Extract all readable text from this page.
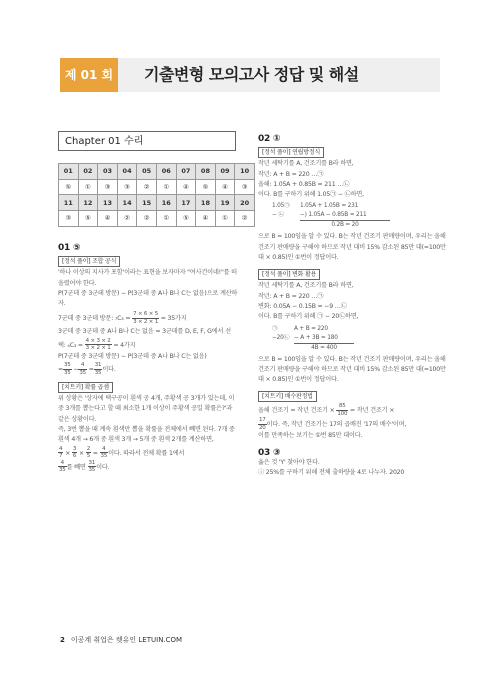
제 01 회	기출변형 모의고사 정답 및 해설
Chapter 01 수리
01	02	03	04	05	06	07	08	09	10
⑤	①	③	③	②	①	④	⑤	④	③
11	12	13	14	15	16	17	18	19	20
③	⑤	④	②	②	①	⑤	④	①	②
01 ⑤
[정석 풀이] 조합 공식
'하나 이상의 지사가 포함'이라는 표현을 보자마자 "여사건이네!"를 떠올렸어야 한다.
P(7군데 중 3군데 방문) − P(3군데 중 A나 B나 C는 없음)으로 계산하자.
7군데 중 3군데 방문: $_7C_3 = \frac{7 \times 6 \times 5}{3 \times 2 \times 1} = 35$가지
3군데 중 3군데 중 A나 B나 C는 없음 = 3군데를 D, E, F, G에서 선
택: $_4C_3 = \frac{4 \times 3 \times 2}{3 \times 2 \times 1} = 4$가지
P(7군데 중 3군데 방문) − P(3군데 중 A나 B나 C는 없음)
= $\frac{35}{35} - \frac{4}{35} = \frac{31}{35}$ 이다.
[치트키] 확률 곱셈
위 상황은 '상자에 택구공이 흰색 공 4개, 주황색 공 3개가 있는데, 이 중 3개를 뽑는다고 할 때 최소한 1개 이상이 주황색 공일 확률은?'과 같은 상황이다.
즉, 3번 뽑을 때 계속 흰색만 뽑을 확률을 전체에서 빼면 된다. 7개 중 흰색 4개 → 6개 중 흰색 3개 → 5개 중 흰색 2개를 계산하면,
$\frac{4}{7} \times \frac{3}{6} \times \frac{2}{5} = \frac{4}{35}$ 이다. 따라서 전체 확률 1에서
$\frac{4}{35}$ 를 빼면 $\frac{31}{35}$ 이다.
02 ①
[정석 풀이] 연립방정식
작년 세탁기를 A, 건조기를 B라 하면,
작년: A + B = 220 …㉠
올해: 1.05A + 0.85B = 211 …㉡
이다. B를 구하기 위해 1.05㉠ − ㉡하면,
1.05㉠ 1.05A + 1.05B = 231
− ㉡	−) 1.05A − 0.85B = 211
0.2B = 20
으로 B = 100임을 알 수 있다. B는 작년 건조기 판매량이며, 우리는 올해 건조기 판매량을 구해야 하므로 작년 대비 15% 감소된 85만 대(=100만 대 × 0.85)인 ①번이 정답이다.
[정석 풀이] 변화 활용
작년 세탁기를 A, 건조기를 B라 하면,
작년: A + B = 220 …㉠
변화: 0.05A − 0.15B = −9 …㉡
이다. B를 구하기 위해 ㉠ − 20㉡하면,
㉠	A + B = 220
−20㉡ − A + 3B = 180
4B = 400
으로 B = 100임을 알 수 있다. B는 작년 건조기 판매량이며, 우리는 올해 건조기 판매량을 구해야 하므로 작년 대비 15% 감소된 85만 대(=100만 대 × 0.85)인 ①번이 정답이다.
[치트키] 배수판정법
올해 건조기 = 작년 건조기 × $\frac{85}{100}$ = 작년 건조기 ×
$\frac{17}{20}$ 이다. 즉, 작년 건조기는 17의 곱배진 '17의 배수'이며,
이를 만족하는 보기는 ①번 85만 대이다.
03 ③
옳은 것 'Y' 찾아야 한다.
ⓘ 25%를 구하기 위해 전체 출하량을 4로 나누자. 2020
2 이공계 취업은 렛유인 LETUIN.COM
